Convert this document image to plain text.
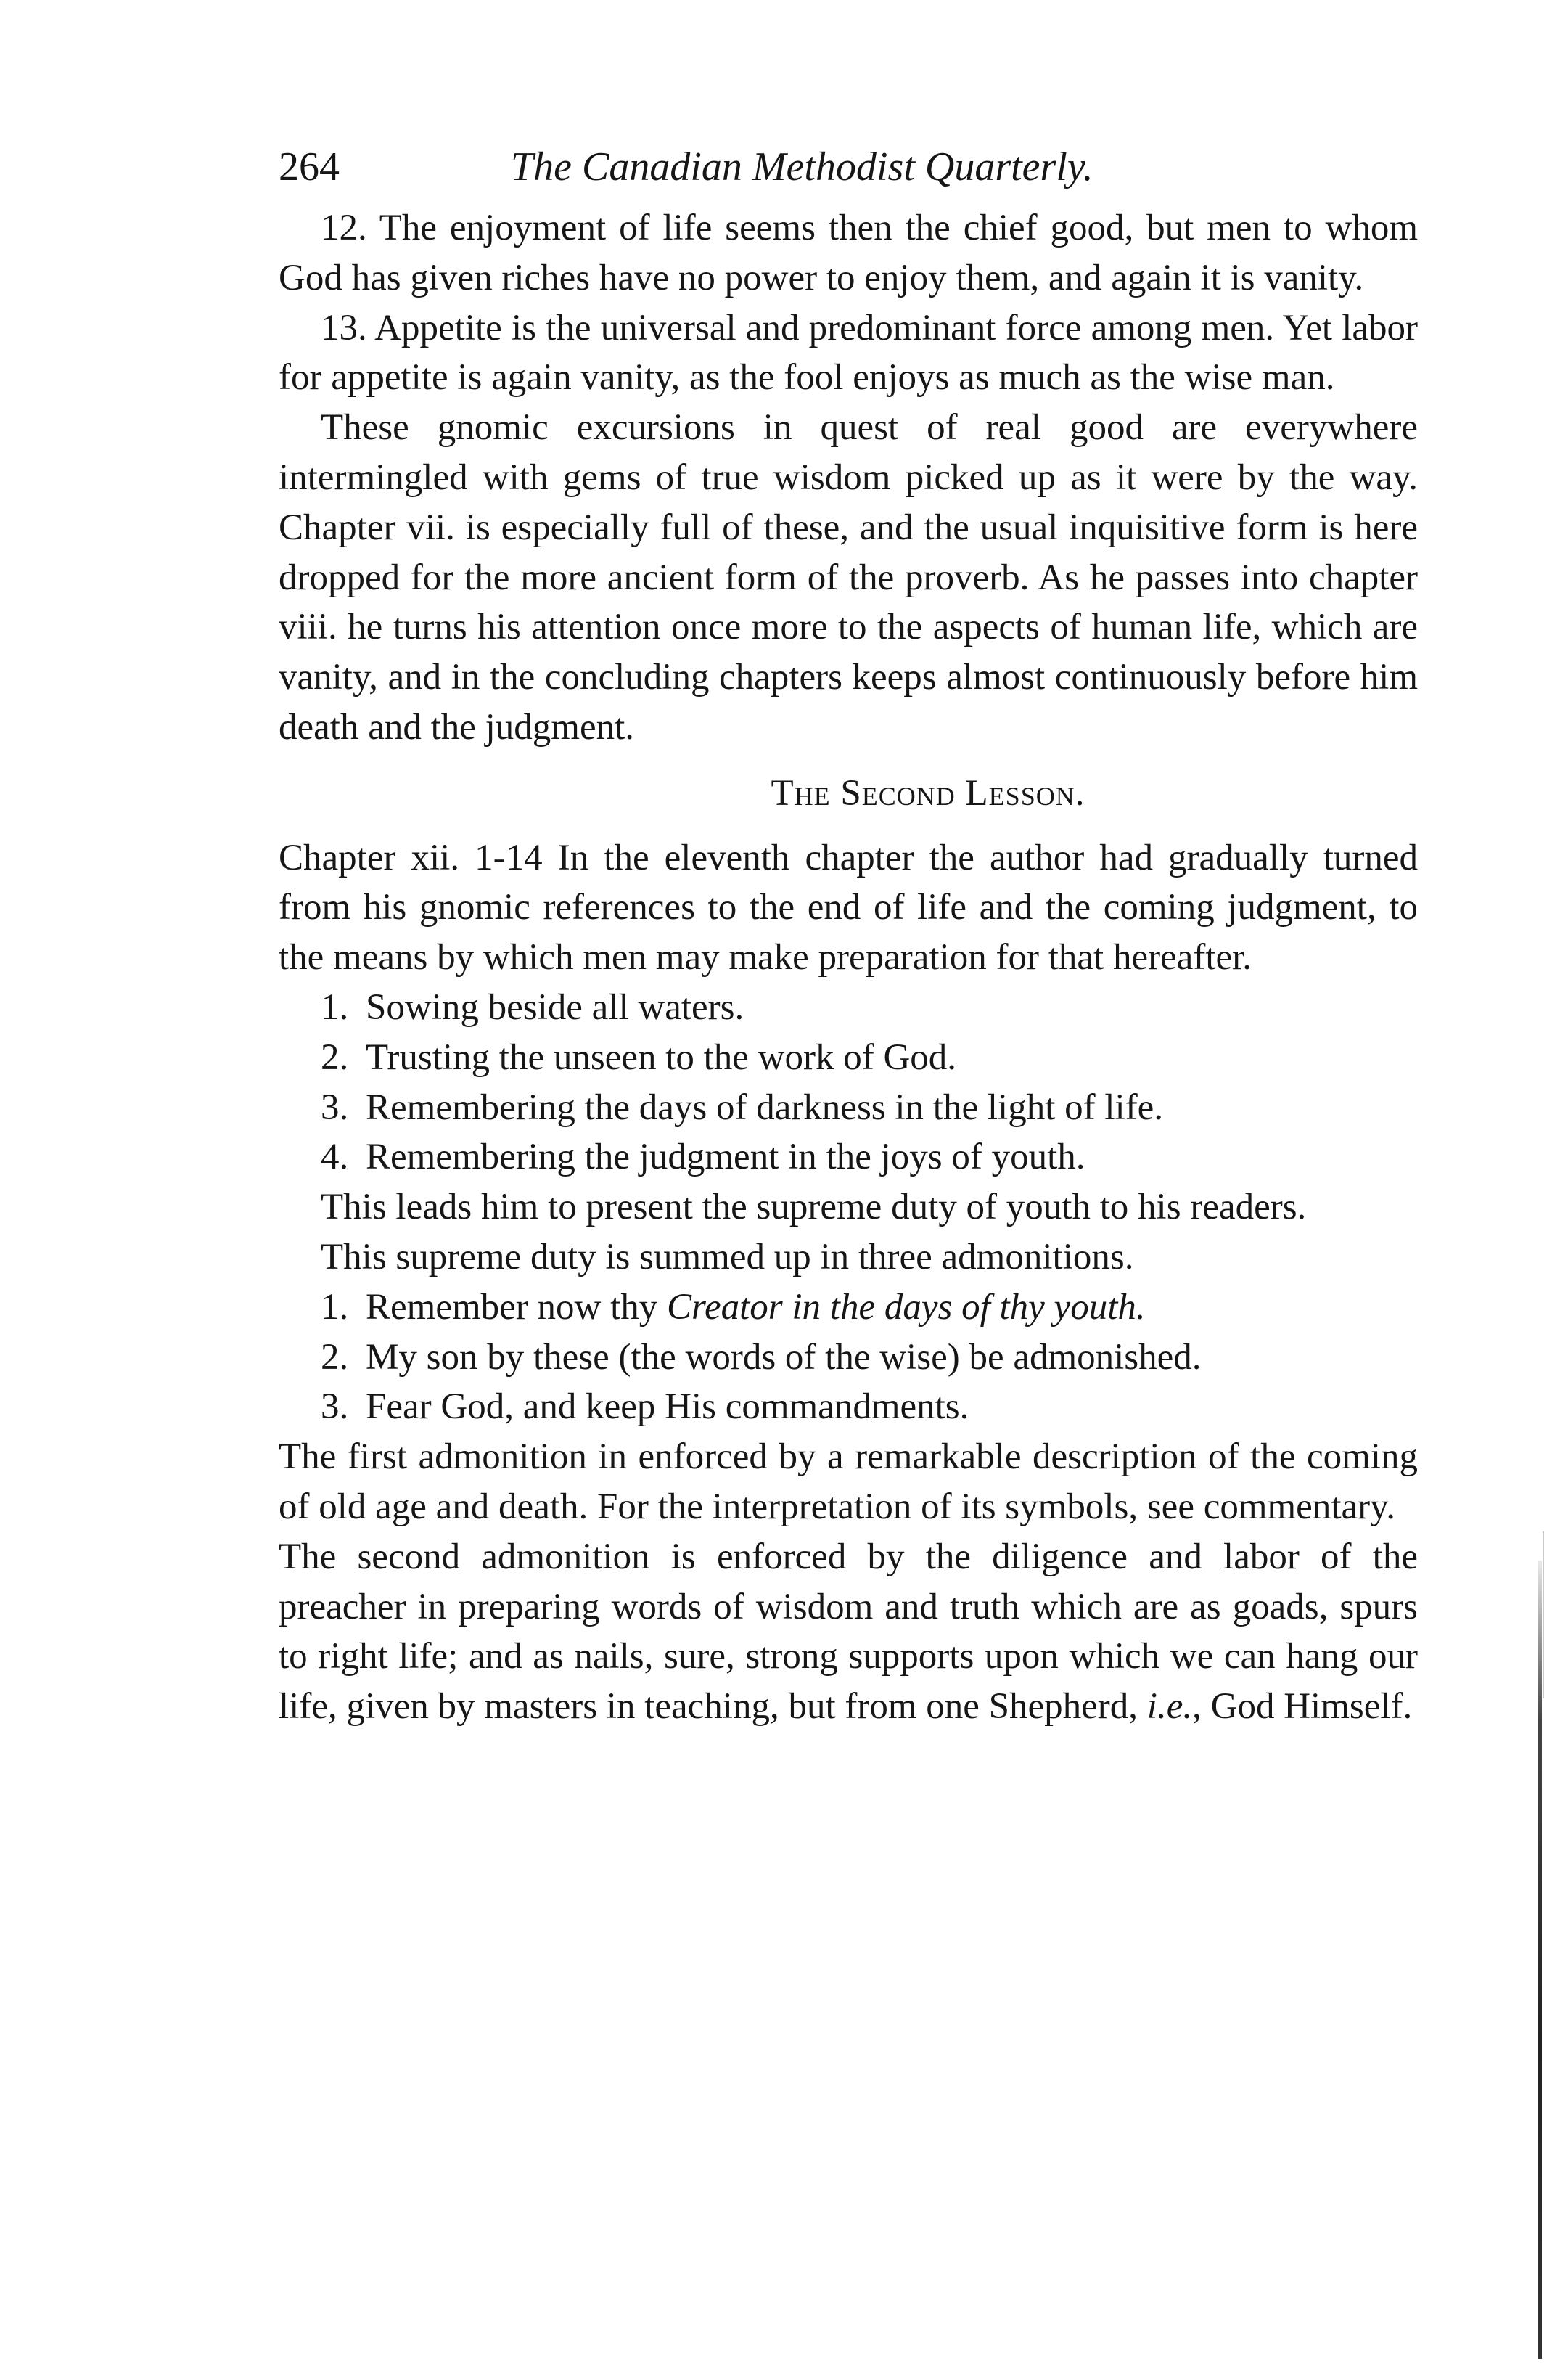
264	The Canadian Methodist Quarterly.

12. The enjoyment of life seems then the chief good, but men to whom God has given riches have no power to enjoy them, and again it is vanity.

13. Appetite is the universal and predominant force among men. Yet labor for appetite is again vanity, as the fool enjoys as much as the wise man.

These gnomic excursions in quest of real good are everywhere intermingled with gems of true wisdom picked up as it were by the way. Chapter vii. is especially full of these, and the usual inquisitive form is here dropped for the more ancient form of the proverb. As he passes into chapter viii. he turns his attention once more to the aspects of human life, which are vanity, and in the concluding chapters keeps almost continuously before him death and the judgment.

The Second Lesson.

Chapter xii. 1-14 In the eleventh chapter the author had gradually turned from his gnomic references to the end of life and the coming judgment, to the means by which men may make preparation for that hereafter.

1. Sowing beside all waters.

2. Trusting the unseen to the work of God.

3. Remembering the days of darkness in the light of life.

4. Remembering the judgment in the joys of youth.

This leads him to present the supreme duty of youth to his readers.

This supreme duty is summed up in three admonitions.

1. Remember now thy Creator in the days of thy youth.

2. My son by these (the words of the wise) be admonished.

3. Fear God, and keep His commandments.

The first admonition in enforced by a remarkable description of the coming of old age and death. For the interpretation of its symbols, see commentary.

The second admonition is enforced by the diligence and labor of the preacher in preparing words of wisdom and truth which are as goads, spurs to right life; and as nails, sure, strong supports upon which we can hang our life, given by masters in teaching, but from one Shepherd, i.e., God Himself.
